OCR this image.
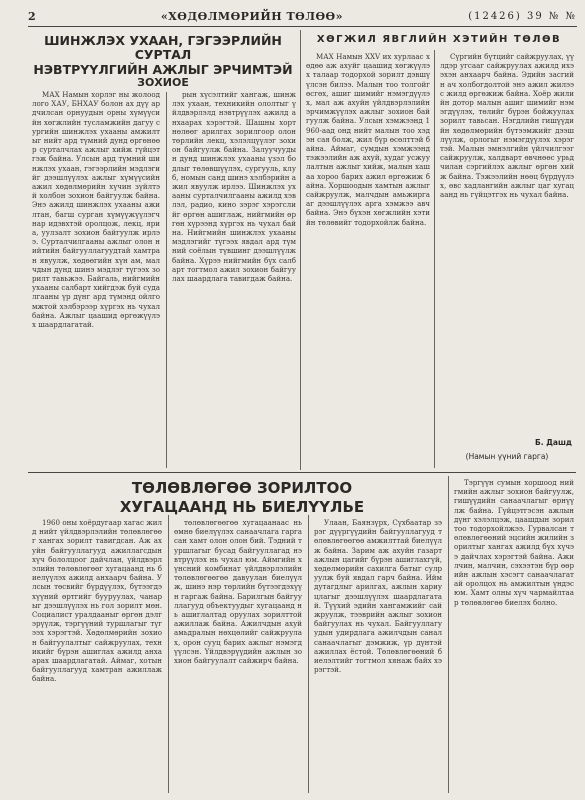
2	«ХӨДӨЛМӨРИЙН ТӨЛӨӨ»	(12426) 39 № №
ШИНЖЛЭХ УХААН, ГЭГЭЭРЛИЙН СУРТАЛ
НЭВТРҮҮЛГИЙН АЖЛЫГ ЭРЧИМТЭЙ
ЗОХИОЕ
ХӨГЖИЛ ЯВГЛИЙН ХЭТИЙН ТӨЛӨВ
МАХ Намын хорлэг ны жолоодлого ХАУ, БНХАУ болон ах дүү ардчилсан орнуудын орны хүмүүсийн хөгжлийн тусламжийн дагуу сургийн шинжлэх ухааны амжилтыг нийт ард түмний дунд өргөнөөр сурталчлах ажлыг хийж гүйцэтгэж байна. Улсын ард түмний шинжлэх ухаан, гэгээрлийн мэдлэгийг дээшлүүлэх ажлыг хүмүүсийн ажил хөдөлмөрийн хүчин зүйлтэй холбон зохион байгуулж байна. Энэ ажилд шинжлэх ухааны ажилтан, багш сурган хүмүүжүүлэгч нар идэвхтэй оролцож, лекц, яриа, уулзалт зохион байгуулж ирлээ. Сурталчилгааны ажлыг олон нийтийн байгууллагуудтай хамтран явуулж, хөдөөгийн хүн ам, малчдын дунд шинэ мэдлэг түгээх зорилт тавьжээ. Байгаль, нийгмийн ухааны салбарт хийгдэж буй судалгааны үр дүнг ард түмэнд ойлгомжтой хэлбэрээр хүргэх нь чухал байна. Ажлыг цаашид өргөжүүлэх шаардлагатай.
рын хүсэлтийг хангаж, шинжлэх ухаан, техникийн ололтыг үйлдвэрлэлд нэвтрүүлэх ажилд анхаарах хэрэгтэй. Шашны хорт нөлөөг арилгах зорилгоор олон төрлийн лекц, хэлэлцүүлэг зохион байгуулж байна. Залуучуудын дунд шинжлэх ухааны үзэл бодлыг төлөвшүүлэх, сургууль, клуб, номын санд шинэ хэлбэрийн ажил явуулж ирлээ. Шинжлэх ухааны сурталчилгааны ажилд хэвлэл, радио, кино зэрэг хэрэгслийг өргөн ашиглаж, нийгмийн өргөн хүрээнд хүргэх нь чухал байна. Нийгмийн шинжлэх ухааны мэдлэгийг түгээх явдал ард түмний соёлын түвшинг дээшлүүлж байна. Хүрээ нийгмийн бүх салбарт тогтмол ажил зохион байгуулах шаардлага тавигдаж байна.
МАХ Намын XXV их хурлаас хөдөө аж ахуйг цаашид хөгжүүлэх талаар тодорхой зорилт дэвшүүлсэн билээ. Малын тоо толгойг өсгөх, ашиг шимийг нэмэгдүүлэх, мал аж ахуйн үйлдвэрлэлийн эрчимжүүлэх ажлыг зохион байгуулж байна. Улсын хэмжээнд 1960-аад онд нийт малын тоо хэдэн сая болж, жил бүр өсөлттэй байна. Аймаг, сумдын хэмжээнд тэжээлийн аж ахуй, худаг усжуулалтын ажлыг хийж, малын хашаа хороо барих ажил өргөжиж байна. Хоршоодын хамтын ажлыг сайжруулж, малчдын амьжиргааг дээшлүүлэх арга хэмжээ авч байна. Энэ бүхэн хөгжлийн хэтийн төлөвийг тодорхойлж байна.
Сүргийн бүтцийг сайжруулах, үүлдэр угсааг сайжруулах ажилд ихээхэн анхаарч байна. Эдийн засгийн ач холбогдолтой энэ ажил жилээс жилд өргөжиж байна. Хоёр жилийн дотор малын ашиг шимийг нэмэгдүүлэх, төлийг бүрэн бойжуулах зорилт тавьсан. Нэгдлийн гишүүдийн хөдөлмөрийн бүтээмжийг дээшлүүлж, орлогыг нэмэгдүүлэх хэрэгтэй. Малын эмнэлгийн үйлчилгээг сайжруулж, халдварт өвчнөөс урьдчилан сэргийлэх ажлыг өргөн хийж байна. Тэжээлийн нөөц бүрдүүлэх, өвс хадлангийн ажлыг цаг хугацаанд нь гүйцэтгэх нь чухал байна.
Б. Дашд
(Намын үүний гарга)
ТӨЛӨВЛӨГӨӨ ЗОРИЛТОО
ХУГАЦААНД НЬ БИЕЛҮҮЛЬЕ
1960 оны хоёрдугаар хагас жилд нийт үйлдвэрлэлийн төлөвлөгөөг хангах зорилт тавигдсан. Аж ахуйн байгууллагууд ажиллагсдын хүч бололцоог дайчлан, үйлдвэрлэлийн төлөвлөгөөг хугацаанд нь биелүүлэх ажилд анхаарч байна. Улсын төсвийг бүрдүүлэх, бүтээгдэхүүний өртгийг бууруулах, чанарыг дээшлүүлэх нь гол зорилт мөн. Социалист уралдааныг өргөн дэлгэрүүлж, тэргүүний туршлагыг түгээх хэрэгтэй. Хөдөлмөрийн зохион байгуулалтыг сайжруулах, техникийг бүрэн ашиглах ажилд анхаарах шаардлагатай. Аймаг, хотын байгууллагууд хамтран ажиллаж байна.
төлөвлөгөөгөө хугацаанаас нь өмнө биелүүлэх санаачлага гаргасан хамт олон олон бий. Тэдний туршлагыг бусад байгууллагад нэвтрүүлэх нь чухал юм. Аймгийн хүнсний комбинат үйлдвэрлэлийн төлөвлөгөөгөө давуулан биелүүлж, шинэ нэр төрлийн бүтээгдэхүүн гаргаж байна. Барилгын байгууллагууд объектуудыг хугацаанд нь ашиглалтад оруулах зорилттой ажиллаж байна. Ажилчдын ахуй амьдралын нөхцөлийг сайжруулах, орон сууц барих ажлыг нэмэгдүүлсэн. Үйлдвэрүүдийн ажлын зохион байгуулалт сайжирч байна.
Улаан, Баянзүрх, Сүхбаатар зэрэг дүүргүүдийн байгууллагууд төлөвлөгөөгөө амжилттай биелүүлж байна. Зарим аж ахуйн газарт ажлын цагийг бүрэн ашиглахгүй, хөдөлмөрийн сахилга батыг сулруулж буй явдал гарч байна. Ийм дутагдлыг арилгах, ажлын хариуцлагыг дээшлүүлэх шаардлагатай. Түүхий эдийн хангамжийг сайжруулж, тээврийн ажлыг зохион байгуулах нь чухал. Байгууллагуудын удирдлага ажилчдын санал санаачлагыг дэмжиж, үр дүнтэй ажиллах ёстой. Төлөвлөгөөний биелэлтийг тогтмол хянаж байх хэрэгтэй.
Тэргүүн сумын хоршоод нийгмийн ажлыг зохион байгуулж, гишүүдийн санаачлагыг өрнүүлж байна. Гүйцэтгэсэн ажлын дүнг хэлэлцэж, цаашдын зорилтоо тодорхойлжээ. Гурвалсан төлөвлөгөөний эцсийн жилийн зорилтыг хангах ажилд бүх хүчээ дайчлах хэрэгтэй байна. Ажилчин, малчин, сэхээтэн бүр өөрийн ажлын хэсэгт санаачлагатай оролцох нь амжилтын үндэс юм. Хамт олны хүч чармайлтаар төлөвлөгөө биелэх болно.
